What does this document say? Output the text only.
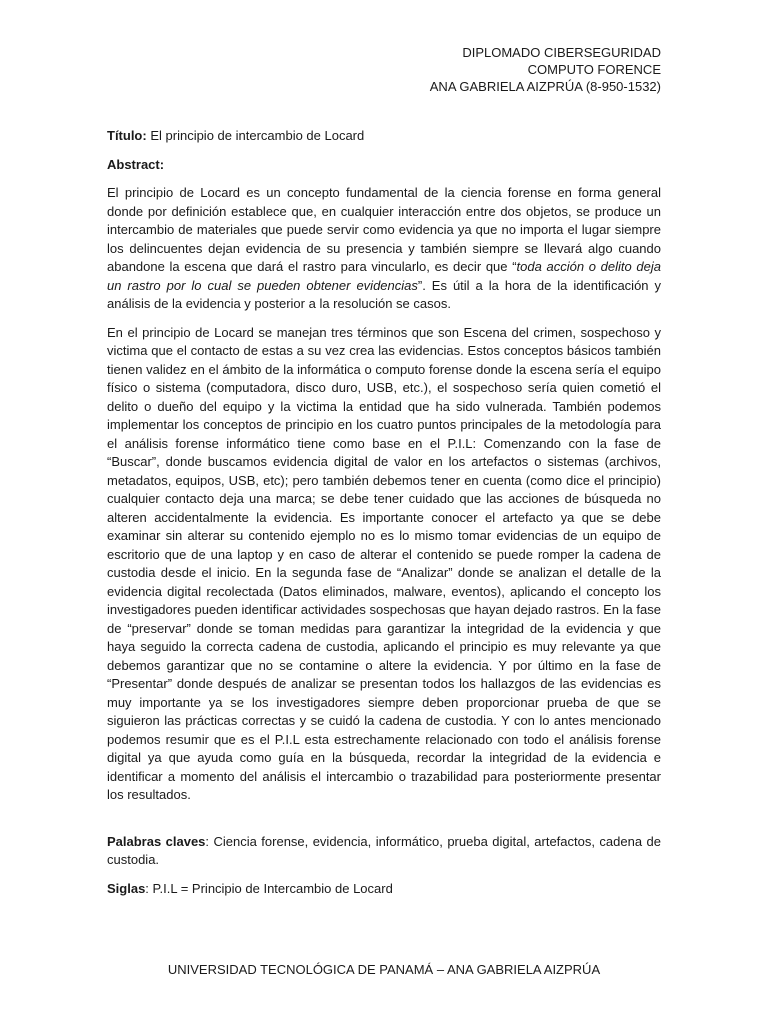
DIPLOMADO CIBERSEGURIDAD
COMPUTO FORENCE
ANA GABRIELA AIZPRÚA (8-950-1532)

Título: El principio de intercambio de Locard

Abstract:

El principio de Locard es un concepto fundamental de la ciencia forense en forma general donde por definición establece que, en cualquier interacción entre dos objetos, se produce un intercambio de materiales que puede servir como evidencia ya que no importa el lugar siempre los delincuentes dejan evidencia de su presencia y también siempre se llevará algo cuando abandone la escena que dará el rastro para vincularlo, es decir que “toda acción o delito deja un rastro por lo cual se pueden obtener evidencias”. Es útil a la hora de la identificación y análisis de la evidencia y posterior a la resolución se casos.

En el principio de Locard se manejan tres términos que son Escena del crimen, sospechoso y victima que el contacto de estas a su vez crea las evidencias. Estos conceptos básicos también tienen validez en el ámbito de la informática o computo forense donde la escena sería el equipo físico o sistema (computadora, disco duro, USB, etc.), el sospechoso sería quien cometió el delito o dueño del equipo y la victima la entidad que ha sido vulnerada. También podemos implementar los conceptos de principio en los cuatro puntos principales de la metodología para el análisis forense informático tiene como base en el P.I.L: Comenzando con la fase de “Buscar”, donde buscamos evidencia digital de valor en los artefactos o sistemas (archivos, metadatos, equipos, USB, etc); pero también debemos tener en cuenta (como dice el principio) cualquier contacto deja una marca; se debe tener cuidado que las acciones de búsqueda no alteren accidentalmente la evidencia. Es importante conocer el artefacto ya que se debe examinar sin alterar su contenido ejemplo no es lo mismo tomar evidencias de un equipo de escritorio que de una laptop y en caso de alterar el contenido se puede romper la cadena de custodia desde el inicio. En la segunda fase de “Analizar” donde se analizan el detalle de la evidencia digital recolectada (Datos eliminados, malware, eventos), aplicando el concepto los investigadores pueden identificar actividades sospechosas que hayan dejado rastros. En la fase de “preservar” donde se toman medidas para garantizar la integridad de la evidencia y que haya seguido la correcta cadena de custodia, aplicando el principio es muy relevante ya que debemos garantizar que no se contamine o altere la evidencia. Y por último en la fase de “Presentar” donde después de analizar se presentan todos los hallazgos de las evidencias es muy importante ya se los investigadores siempre deben proporcionar prueba de que se siguieron las prácticas correctas y se cuidó la cadena de custodia. Y con lo antes mencionado podemos resumir que es el P.I.L esta estrechamente relacionado con todo el análisis forense digital ya que ayuda como guía en la búsqueda, recordar la integridad de la evidencia e identificar a momento del análisis el intercambio o trazabilidad para posteriormente presentar los resultados.

Palabras claves: Ciencia forense, evidencia, informático, prueba digital, artefactos, cadena de custodia.

Siglas: P.I.L = Principio de Intercambio de Locard

UNIVERSIDAD TECNOLÓGICA DE PANAMÁ – ANA GABRIELA AIZPRÚA
